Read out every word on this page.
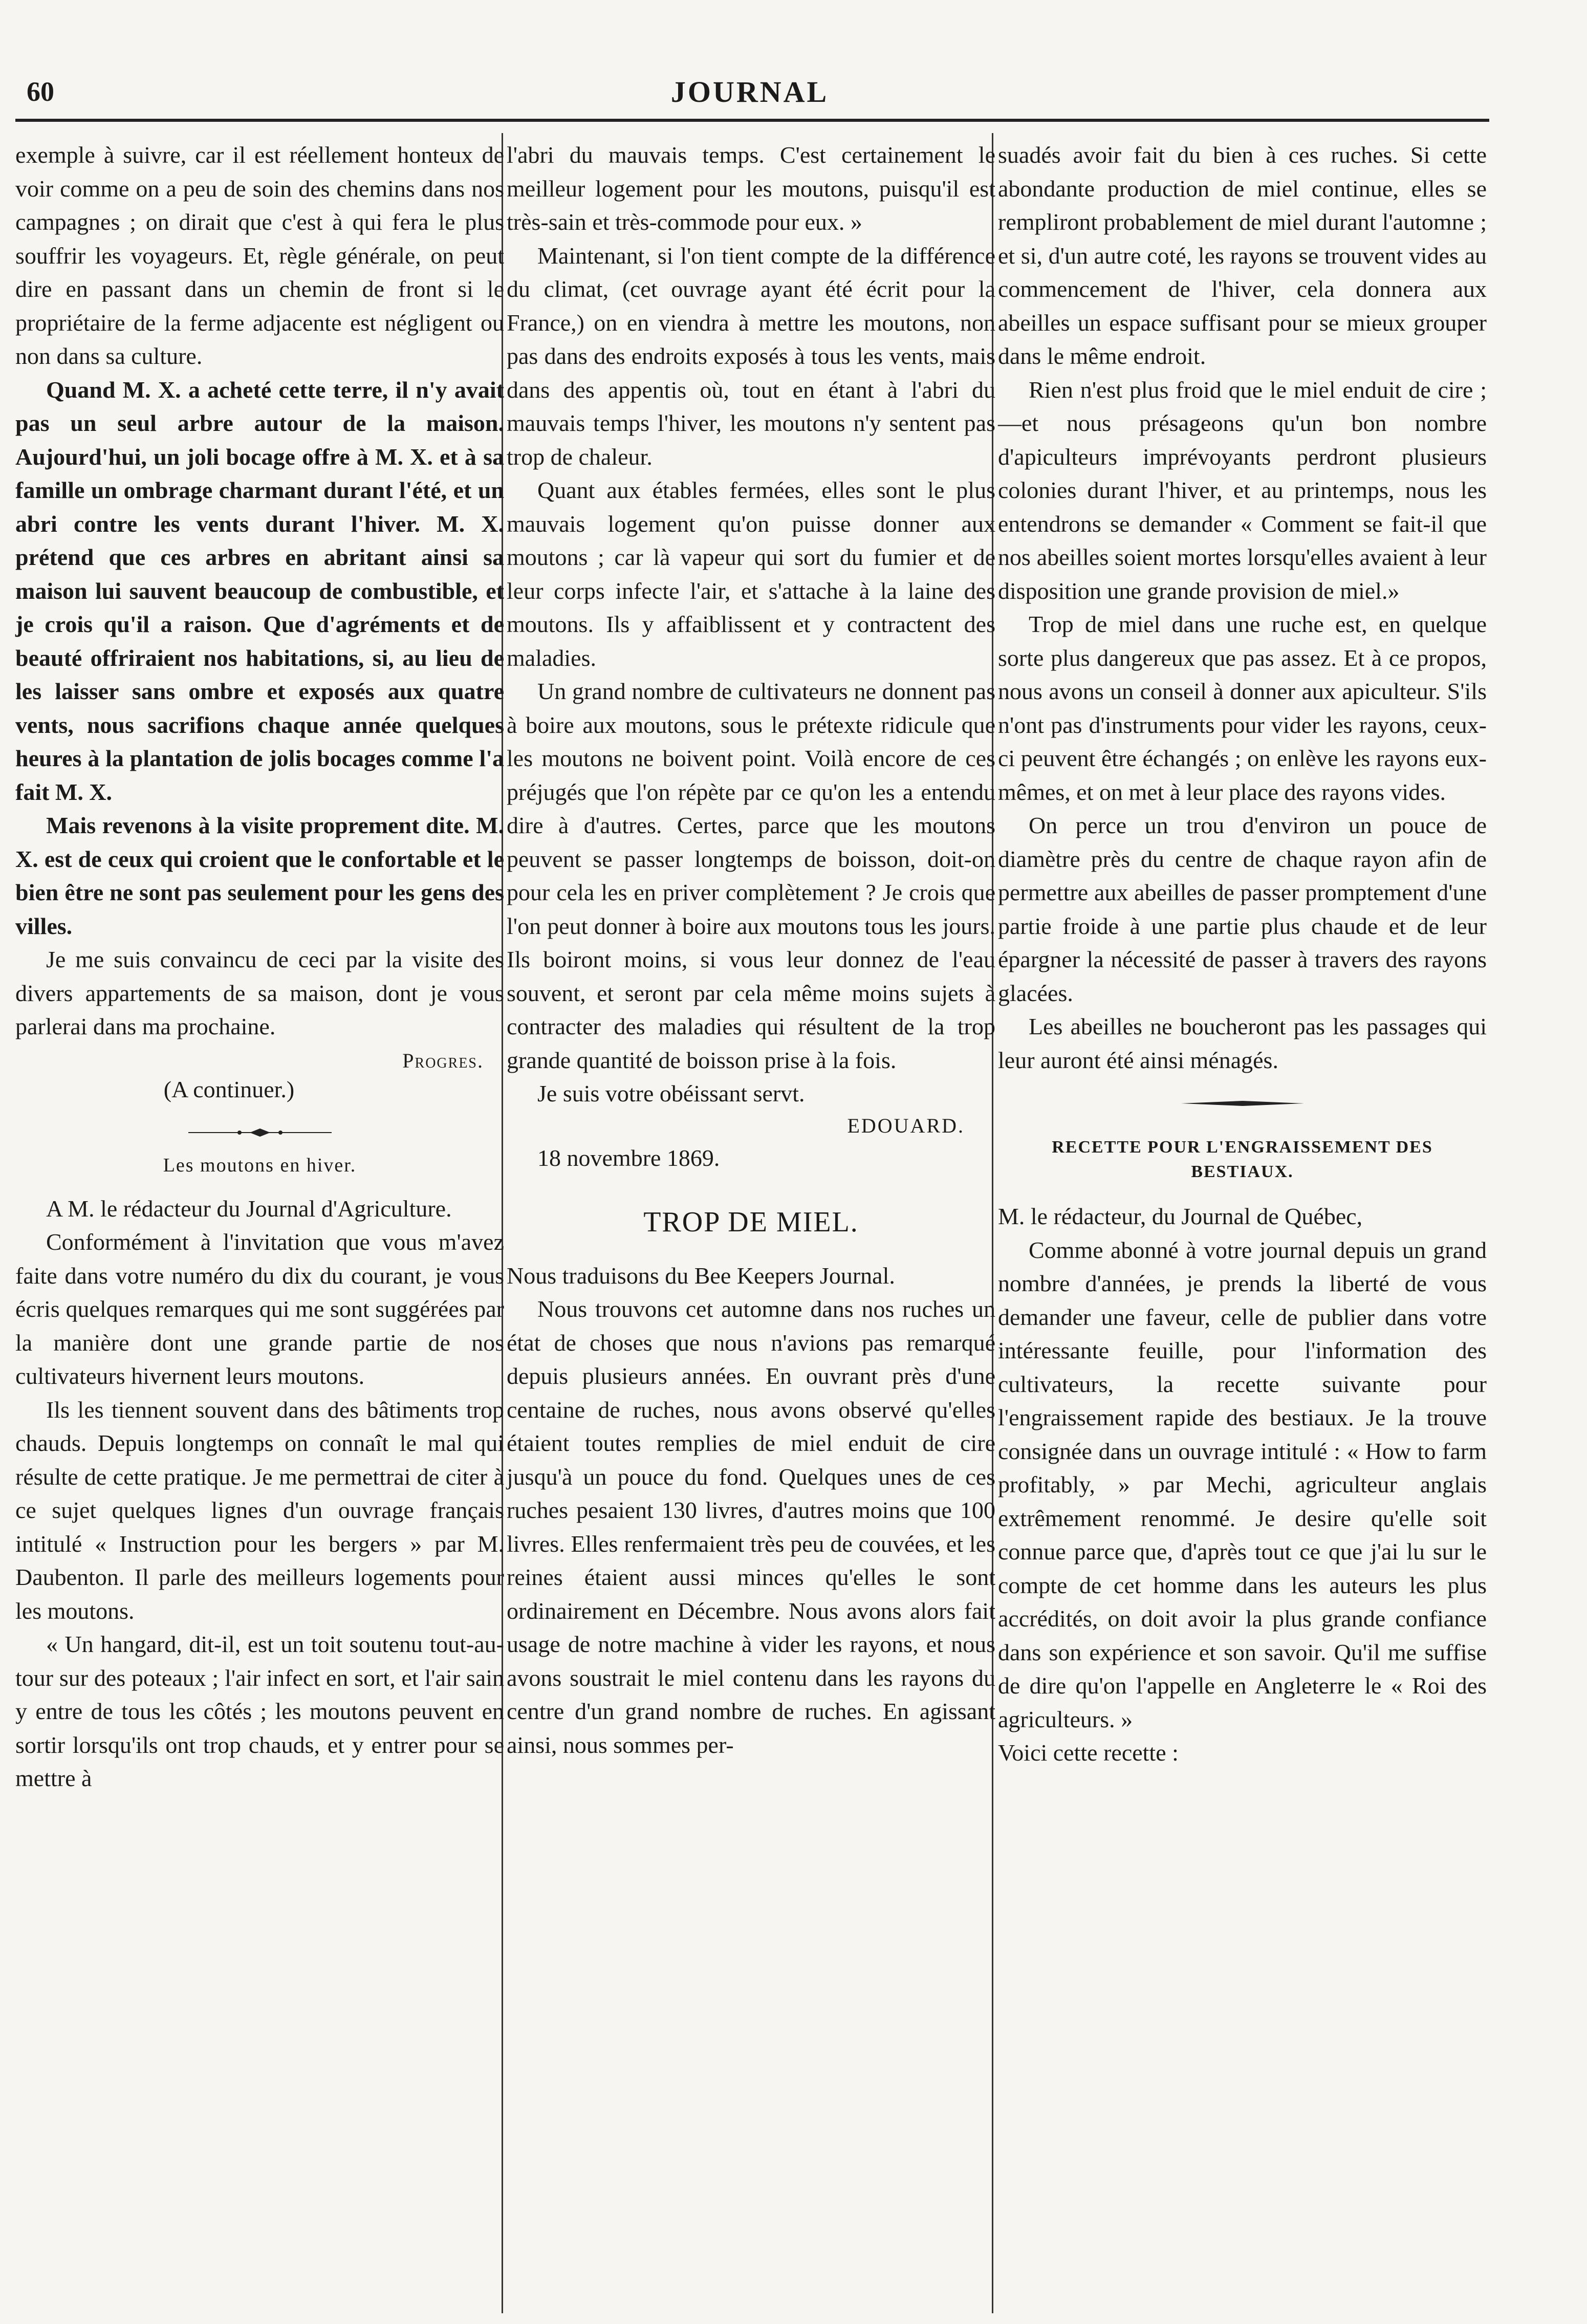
60	JOURNAL

exemple à suivre, car il est réellement honteux de voir comme on a peu de soin des chemins dans nos campagnes ; on dirait que c'est à qui fera le plus souffrir les voyageurs. Et, règle générale, on peut dire en passant dans un chemin de front si le propriétaire de la ferme adjacente est négligent ou non dans sa culture.

Quand M. X. a acheté cette terre, il n'y avait pas un seul arbre autour de la maison. Aujourd'hui, un joli bocage offre à M. X. et à sa famille un ombrage charmant durant l'été, et un abri contre les vents durant l'hiver. M. X. prétend que ces arbres en abritant ainsi sa maison lui sauvent beaucoup de combustible, et je crois qu'il a raison. Que d'agréments et de beauté offriraient nos habitations, si, au lieu de les laisser sans ombre et exposés aux quatre vents, nous sacrifions chaque année quelques heures à la plantation de jolis bocages comme l'a fait M. X.

Mais revenons à la visite proprement dite. M. X. est de ceux qui croient que le confortable et le bien être ne sont pas seulement pour les gens des villes.

Je me suis convaincu de ceci par la visite des divers appartements de sa maison, dont je vous parlerai dans ma prochaine.

Progres.
(A continuer.)
Les moutons en hiver.

A M. le rédacteur du Journal d'Agriculture.

Conformément à l'invitation que vous m'avez faite dans votre numéro du dix du courant, je vous écris quelques remarques qui me sont suggérées par la manière dont une grande partie de nos cultivateurs hivernent leurs moutons.

Ils les tiennent souvent dans des bâtiments trop chauds. Depuis longtemps on connaît le mal qui résulte de cette pratique. Je me permettrai de citer à ce sujet quelques lignes d'un ouvrage français intitulé « Instruction pour les bergers » par M. Daubenton. Il parle des meilleurs logements pour les moutons.

« Un hangard, dit-il, est un toit soutenu tout-au-tour sur des poteaux ; l'air infect en sort, et l'air sain y entre de tous les côtés ; les moutons peuvent en sortir lorsqu'ils ont trop chauds, et y entrer pour se mettre à

l'abri du mauvais temps. C'est certainement le meilleur logement pour les moutons, puisqu'il est très-sain et très-commode pour eux. »

Maintenant, si l'on tient compte de la différence du climat, (cet ouvrage ayant été écrit pour la France,) on en viendra à mettre les moutons, non pas dans des endroits exposés à tous les vents, mais dans des appentis où, tout en étant à l'abri du mauvais temps l'hiver, les moutons n'y sentent pas trop de chaleur.

Quant aux étables fermées, elles sont le plus mauvais logement qu'on puisse donner aux moutons ; car là vapeur qui sort du fumier et de leur corps infecte l'air, et s'attache à la laine des moutons. Ils y affaiblissent et y contractent des maladies.

Un grand nombre de cultivateurs ne donnent pas à boire aux moutons, sous le prétexte ridicule que les moutons ne boivent point. Voilà encore de ces préjugés que l'on répète par ce qu'on les a entendu dire à d'autres. Certes, parce que les moutons peuvent se passer longtemps de boisson, doit-on pour cela les en priver complètement ? Je crois que l'on peut donner à boire aux moutons tous les jours. Ils boiront moins, si vous leur donnez de l'eau souvent, et seront par cela même moins sujets à contracter des maladies qui résultent de la trop grande quantité de boisson prise à la fois.

Je suis votre obéissant servt.

EDOUARD.
18 novembre 1869.
TROP DE MIEL.

Nous traduisons du Bee Keepers Journal.

Nous trouvons cet automne dans nos ruches un état de choses que nous n'avions pas remarqué depuis plusieurs années. En ouvrant près d'une centaine de ruches, nous avons observé qu'elles étaient toutes remplies de miel enduit de cire jusqu'à un pouce du fond. Quelques unes de ces ruches pesaient 130 livres, d'autres moins que 100 livres. Elles renfermaient très peu de couvées, et les reines étaient aussi minces qu'elles le sont ordinairement en Décembre. Nous avons alors fait usage de notre machine à vider les rayons, et nous avons soustrait le miel contenu dans les rayons du centre d'un grand nombre de ruches. En agissant ainsi, nous sommes per-

suadés avoir fait du bien à ces ruches. Si cette abondante production de miel continue, elles se rempliront probablement de miel durant l'automne ; et si, d'un autre coté, les rayons se trouvent vides au commencement de l'hiver, cela donnera aux abeilles un espace suffisant pour se mieux grouper dans le même endroit.

Rien n'est plus froid que le miel enduit de cire ;—et nous présageons qu'un bon nombre d'apiculteurs imprévoyants perdront plusieurs colonies durant l'hiver, et au printemps, nous les entendrons se demander « Comment se fait-il que nos abeilles soient mortes lorsqu'elles avaient à leur disposition une grande provision de miel.»

Trop de miel dans une ruche est, en quelque sorte plus dangereux que pas assez. Et à ce propos, nous avons un conseil à donner aux apiculteur. S'ils n'ont pas d'instruments pour vider les rayons, ceux-ci peuvent être échangés ; on enlève les rayons eux-mêmes, et on met à leur place des rayons vides.

On perce un trou d'environ un pouce de diamètre près du centre de chaque rayon afin de permettre aux abeilles de passer promptement d'une partie froide à une partie plus chaude et de leur épargner la nécessité de passer à travers des rayons glacées.

Les abeilles ne boucheront pas les passages qui leur auront été ainsi ménagés.

RECETTE POUR L'ENGRAISSEMENT DES BESTIAUX.

M. le rédacteur, du Journal de Québec,

Comme abonné à votre journal depuis un grand nombre d'années, je prends la liberté de vous demander une faveur, celle de publier dans votre intéressante feuille, pour l'information des cultivateurs, la recette suivante pour l'engraissement rapide des bestiaux. Je la trouve consignée dans un ouvrage intitulé : « How to farm profitably, » par Mechi, agriculteur anglais extrêmement renommé. Je desire qu'elle soit connue parce que, d'après tout ce que j'ai lu sur le compte de cet homme dans les auteurs les plus accrédités, on doit avoir la plus grande confiance dans son expérience et son savoir. Qu'il me suffise de dire qu'on l'appelle en Angleterre le « Roi des agriculteurs. »

Voici cette recette :
